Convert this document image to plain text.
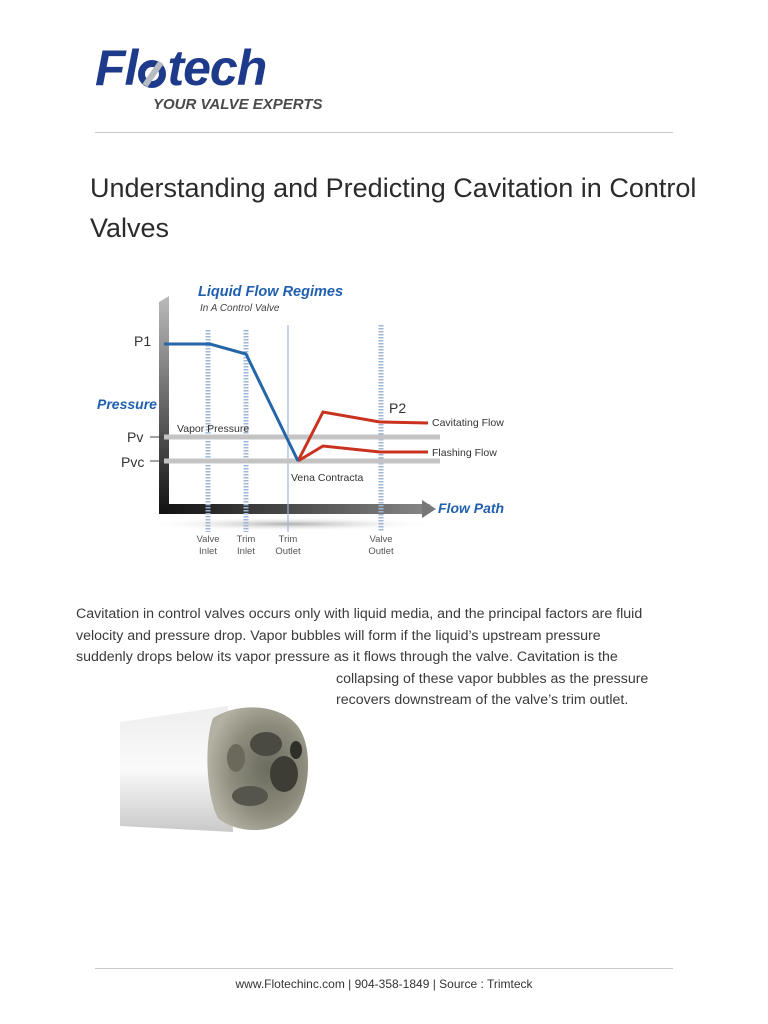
Fl tech
YOUR VALVE EXPERTS
Understanding and Predicting Cavitation in Control Valves
Liquid Flow Regimes
In A Control Valve
P1
Pressure
Pv
Pvc
P2
Vapor Pressure
Vena Contracta
Cavitating Flow
Flashing Flow
Flow Path
Valve
Inlet
Trim
Inlet
Trim
Outlet
Valve
Outlet

Cavitation in control valves occurs only with liquid media, and the principal factors are fluid
velocity and pressure drop. Vapor bubbles will form if the liquid’s upstream pressure
suddenly drops below its vapor pressure as it flows through the valve. Cavitation is the
collapsing of these vapor bubbles as the pressure
recovers downstream of the valve’s trim outlet.

www.Flotechinc.com | 904-358-1849 | Source : Trimteck
